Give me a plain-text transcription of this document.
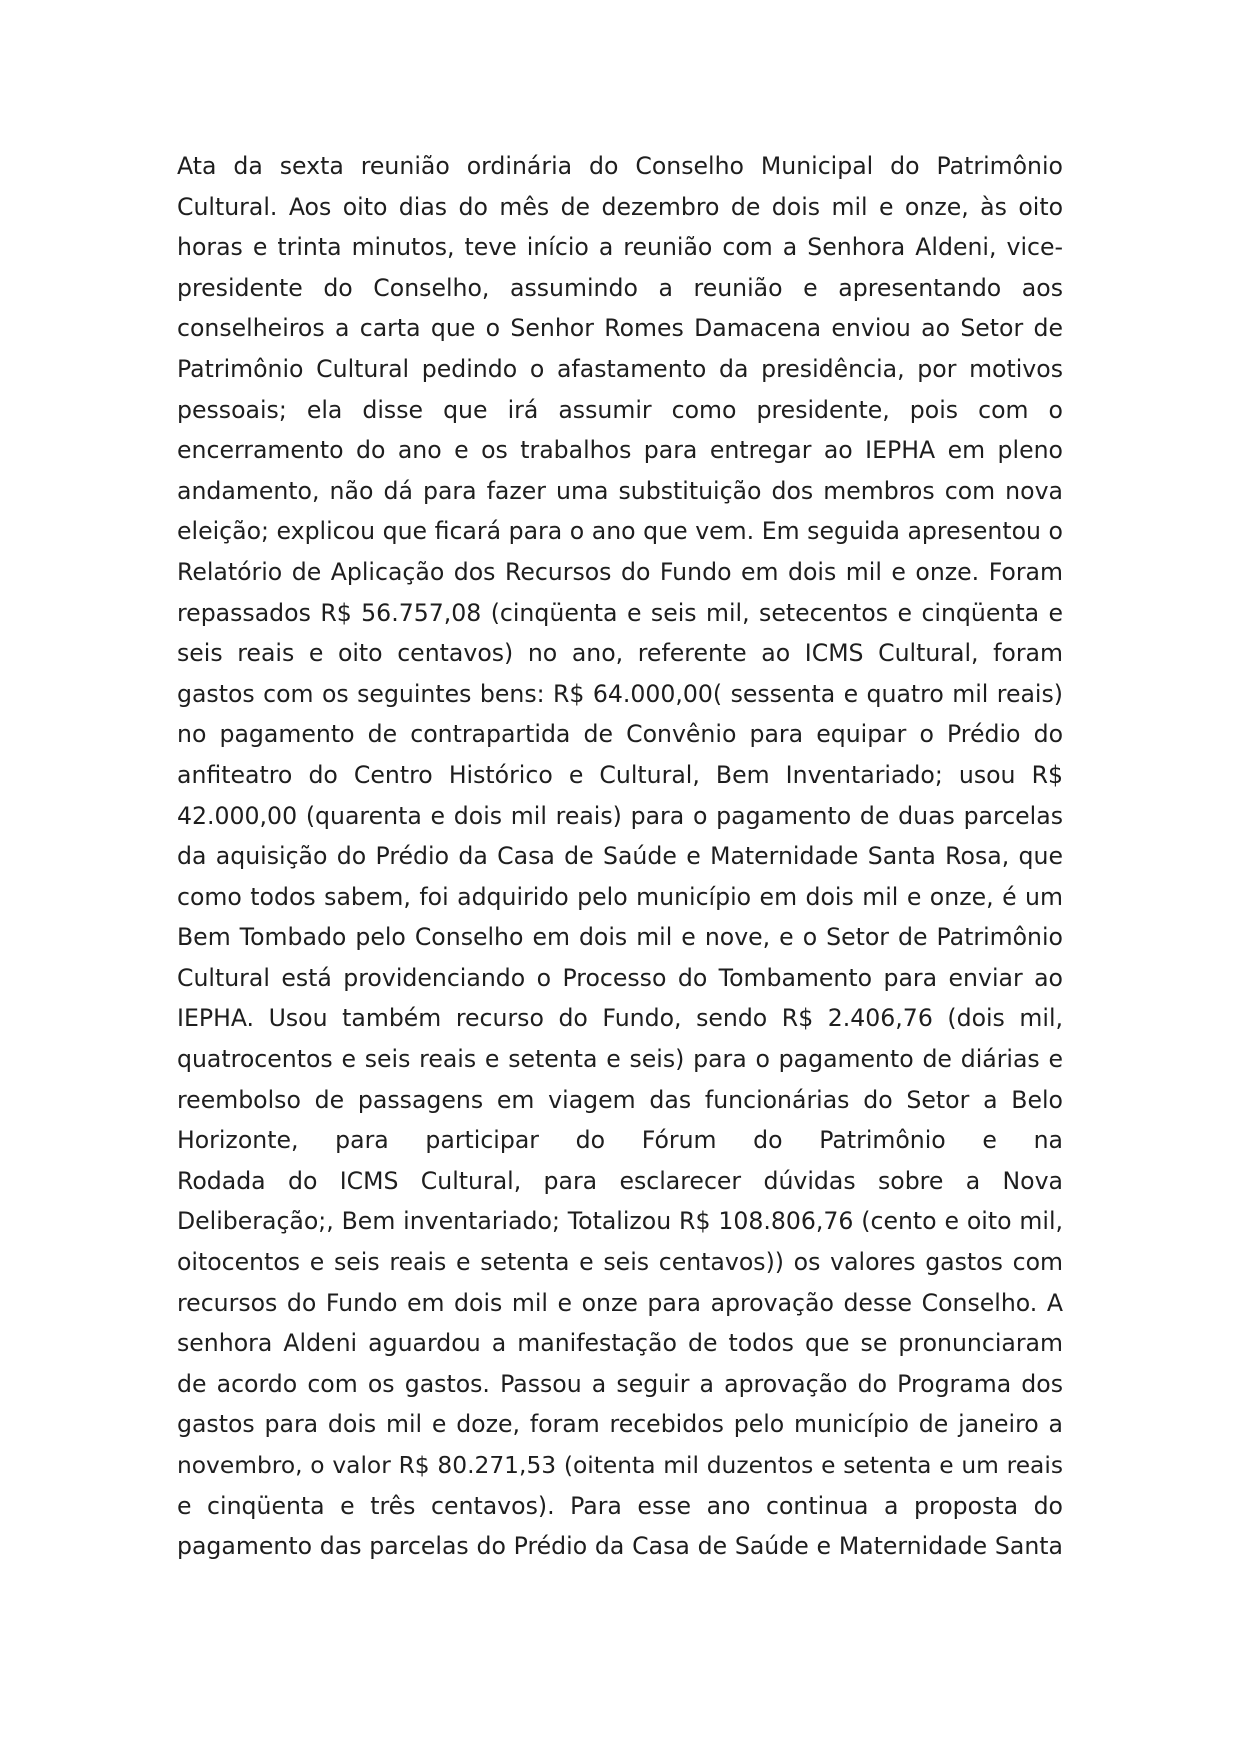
Ata da sexta reunião ordinária do Conselho Municipal do Patrimônio
Cultural. Aos oito dias do mês de dezembro de dois mil e onze, às oito
horas e trinta minutos, teve início a reunião com a Senhora Aldeni, vice-
presidente do Conselho, assumindo a reunião e apresentando aos
conselheiros a carta que o Senhor Romes Damacena enviou ao Setor de
Patrimônio Cultural pedindo o afastamento da presidência, por motivos
pessoais; ela disse que irá assumir como presidente, pois com o
encerramento do ano e os trabalhos para entregar ao IEPHA em pleno
andamento, não dá para fazer uma substituição dos membros com nova
eleição; explicou que ficará para o ano que vem. Em seguida apresentou o
Relatório de Aplicação dos Recursos do Fundo em dois mil e onze. Foram
repassados R$ 56.757,08 (cinqüenta e seis mil, setecentos e cinqüenta e
seis reais e oito centavos) no ano, referente ao ICMS Cultural, foram
gastos com os seguintes bens: R$ 64.000,00( sessenta e quatro mil reais)
no pagamento de contrapartida de Convênio para equipar o Prédio do
anfiteatro do Centro Histórico e Cultural, Bem Inventariado; usou R$
42.000,00 (quarenta e dois mil reais) para o pagamento de duas parcelas
da aquisição do Prédio da Casa de Saúde e Maternidade Santa Rosa, que
como todos sabem, foi adquirido pelo município em dois mil e onze, é um
Bem Tombado pelo Conselho em dois mil e nove, e o Setor de Patrimônio
Cultural está providenciando o Processo do Tombamento para enviar ao
IEPHA. Usou também recurso do Fundo, sendo R$ 2.406,76 (dois mil,
quatrocentos e seis reais e setenta e seis) para o pagamento de diárias e
reembolso de passagens em viagem das funcionárias do Setor a Belo
Horizonte, para participar do Fórum do Patrimônio e na
Rodada do ICMS Cultural, para esclarecer dúvidas sobre a Nova
Deliberação;, Bem inventariado; Totalizou R$ 108.806,76 (cento e oito mil,
oitocentos e seis reais e setenta e seis centavos)) os valores gastos com
recursos do Fundo em dois mil e onze para aprovação desse Conselho. A
senhora Aldeni aguardou a manifestação de todos que se pronunciaram
de acordo com os gastos. Passou a seguir a aprovação do Programa dos
gastos para dois mil e doze, foram recebidos pelo município de janeiro a
novembro, o valor R$ 80.271,53 (oitenta mil duzentos e setenta e um reais
e cinqüenta e três centavos). Para esse ano continua a proposta do
pagamento das parcelas do Prédio da Casa de Saúde e Maternidade Santa
